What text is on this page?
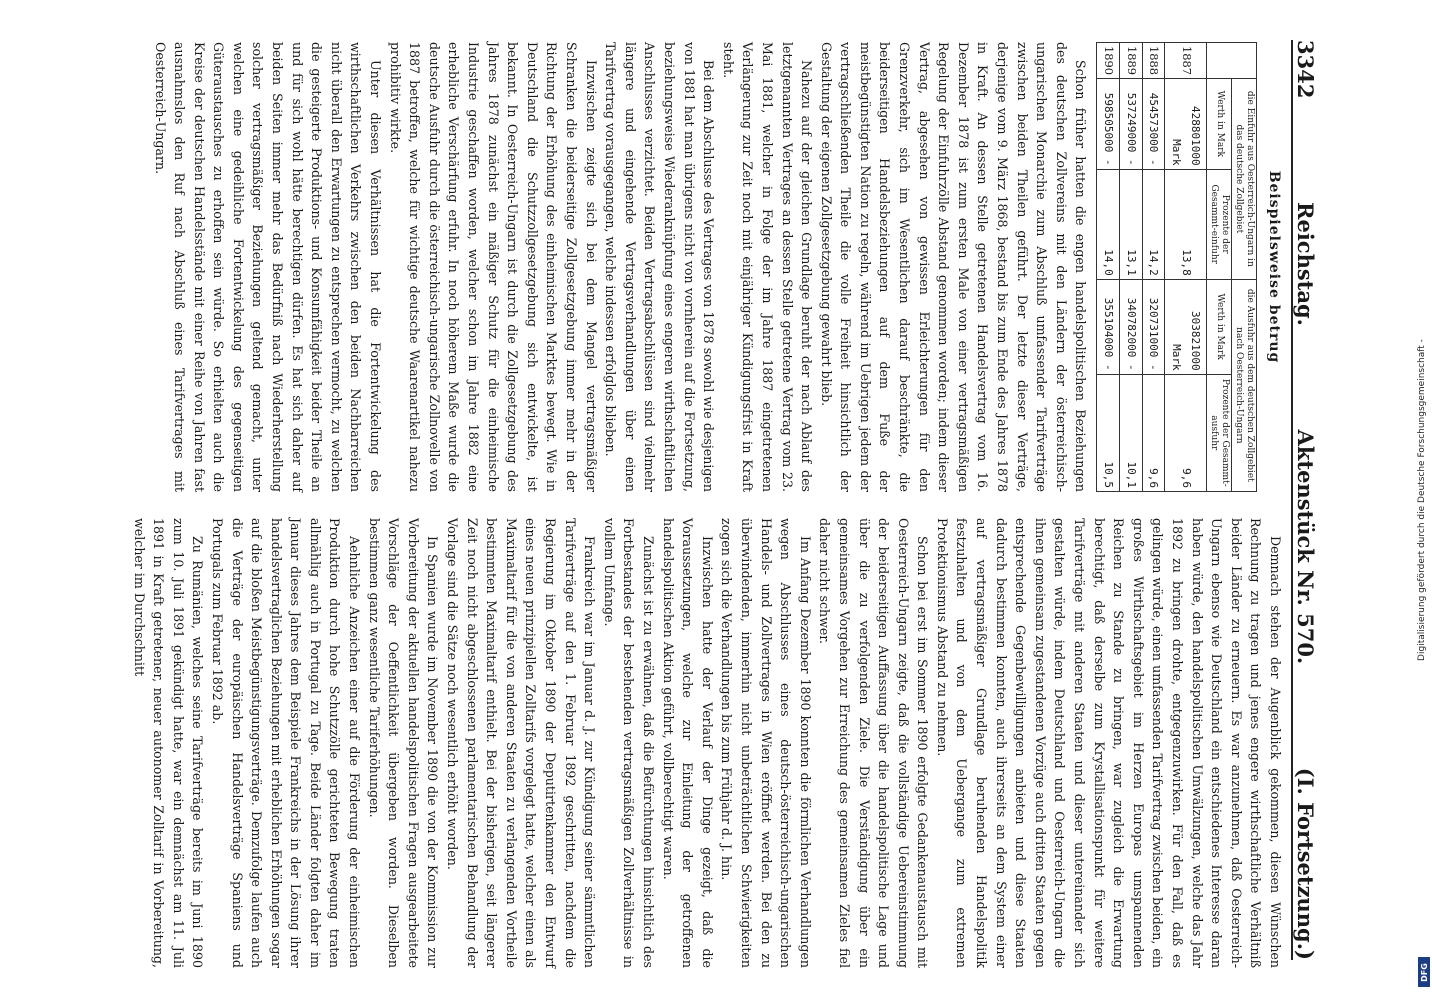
3342
Reichstag.
Aktenstück Nr. 570.
(I. Fortsetzung.)
Beispielsweise betrug
	die Einfuhr aus Oesterreich-Ungarn in das deutsche Zollgebiet		die Ausfuhr aus dem deutschen Zollgebiet nach Oesterreich-Ungarn	
	Werth in Mark	Prozente der Gesammt-einfuhr	Werth in Mark	Prozente der Gesammt-ausfuhr
1887	428801000 Mark	13,8	303821000 Mark	9,6
1888	454573000 -	14,2	320731000 -	9,6
1889	537249000 -	13,1	340782000 -	10,1
1890	598505000 -	14,0	355104000 -	10,5

Schon früher hatten die engen handelspolitischen Beziehungen des deutschen Zollvereins mit den Ländern der österreichisch-ungarischen Monarchie zum Abschluß umfassender Tarifverträge zwischen beiden Theilen geführt. Der letzte dieser Verträge, derjenige vom 9. März 1868, bestand bis zum Ende des Jahres 1878 in Kraft. An dessen Stelle getretenen Handelsvertrag vom 16. Dezember 1878 ist zum ersten Male von einer vertragsmäßigen Regelung der Einfuhrzölle Abstand genommen worden; indem dieser Vertrag, abgesehen von gewissen Erleichterungen für den Grenzverkehr, sich im Wesentlichen darauf beschränkte, die beiderseitigen Handelsbeziehungen auf dem Fuße der meistbegünstigten Nation zu regeln, während im Uebrigen jedem der vertragschließenden Theile die volle Freiheit hinsichtlich der Gestaltung der eigenen Zollgesetzgebung gewahrt blieb.

Nahezu auf der gleichen Grundlage beruht der nach Ablauf des letztgenannten Vertrages an dessen Stelle getretene Vertrag vom 23. Mai 1881, welcher in Folge der im Jahre 1887 eingetretenen Verlängerung zur Zeit noch mit einjähriger Kündigungsfrist in Kraft steht.

Bei dem Abschlusse des Vertrages von 1878 sowohl wie desjenigen von 1881 hat man übrigens nicht von vornherein auf die Fortsetzung, beziehungsweise Wiederanknüpfung eines engeren wirthschaftlichen Anschlusses verzichtet. Beiden Vertragsabschlüssen sind vielmehr längere und eingehende Vertragsverhandlungen über einen Tarifvertrag vorausgegangen, welche indessen erfolglos blieben.

Inzwischen zeigte sich bei dem Mangel vertragsmäßiger Schranken die beiderseitige Zollgesetzgebung immer mehr in der Richtung der Erhöhung des einheimischen Marktes bewegt. Wie in Deutschland die Schutzzollgesetzgebung sich entwickelte, ist bekannt. In Oesterreich-Ungarn ist durch die Zollgesetzgebung des Jahres 1878 zunächst ein mäßiger Schutz für die einheimische Industrie geschaffen worden, welcher schon im Jahre 1882 eine erhebliche Verschärfung erfuhr. In noch höherem Maße wurde die deutsche Ausfuhr durch die österreichisch-ungarische Zollnovelle von 1887 betroffen, welche für wichtige deutsche Waarenartikel nahezu prohibitiv wirkte.

Unter diesen Verhältnissen hat die Fortentwickelung des wirthschaftlichen Verkehrs zwischen den beiden Nachbarreichen nicht überall den Erwartungen zu entsprechen vermocht, zu welchen die gesteigerte Produktions- und Konsumfähigkeit beider Theile an und für sich wohl hätte berechtigen dürfen. Es hat sich daher auf beiden Seiten immer mehr das Bedürfniß nach Wiederherstellung solcher vertragsmäßiger Beziehungen geltend gemacht, unter welchen eine gedeihliche Fortentwickelung des gegenseitigen Güteraustausches zu erhoffen sein würde. So erhielten auch die Kreise der deutschen Handelsstände mit einer Reihe von Jahren fast ausnahmslos den Ruf nach Abschluß eines Tarifvertrages mit Oesterreich-Ungarn.

Demnach stehen der Augenblick gekommen, diesen Wünschen Rechnung zu tragen und jenes engere wirthschaftliche Verhältniß beider Länder zu erneuern. Es war anzunehmen, daß Oesterreich-Ungarn ebenso wie Deutschland ein entschiedenes Interesse daran haben würde, den handelspolitischen Umwälzungen, welche das Jahr 1892 zu bringen drohte, entgegenzuwirken. Für den Fall, daß es gelingen würde, einen umfassenden Tarifvertrag zwischen beiden, ein großes Wirthschaftsgebiet im Herzen Europas umspannenden Reichen zu Stande zu bringen, war zugleich die Erwartung berechtigt, daß derselbe zum Krystallisationspunkt für weitere Tarifverträge mit anderen Staaten und dieser untereinander sich gestalten würde, indem Deutschland und Oesterreich-Ungarn die ihnen gemeinsam zugestandenen Vorzüge auch dritten Staaten gegen entsprechende Gegenbewilligungen anbieten und diese Staaten dadurch bestimmen konnten, auch ihrerseits an dem System einer auf vertragsmäßiger Grundlage beruhenden Handelspolitik festzuhalten und von dem Uebergange zum extremen Protektionismus Abstand zu nehmen.

Schon bei erst im Sommer 1890 erfolgte Gedankenaustausch mit Oesterreich-Ungarn zeigte, daß die vollständige Uebereinstimmung der beiderseitigen Auffassung über die handelspolitische Lage und über die zu verfolgenden Ziele. Die Verständigung über ein gemeinsames Vorgehen zur Erreichung des gemeinsamen Zieles fiel daher nicht schwer.

Im Anfang Dezember 1890 konnten die förmlichen Verhandlungen wegen Abschlusses eines deutsch-österreichisch-ungarischen Handels- und Zollvertrages in Wien eröffnet werden. Bei den zu überwindenden, immerhin nicht unbeträchtlichen Schwierigkeiten zogen sich die Verhandlungen bis zum Frühjahr d. J. hin.

Inzwischen hatte der Verlauf der Dinge gezeigt, daß die Voraussetzungen, welche zur Einleitung der getroffenen handelspolitischen Aktion geführt, vollberechtigt waren.

Zunächst ist zu erwähnen, daß die Befürchtungen hinsichtlich des Fortbestandes der bestehenden vertragsmäßigen Zollverhältnisse in vollem Umfange.

Frankreich war im Januar d. J. zur Kündigung seiner sämmtlichen Tarifverträge auf den 1. Februar 1892 geschritten, nachdem die Regierung im Oktober 1890 der Deputirtenkammer den Entwurf eines neuen prinzipiellen Zolltarifs vorgelegt hatte, welcher einen als Maximaltarif für die von anderen Staaten zu verlangenden Vortheile bestimmten Maximaltarif enthielt. Bei der bisherigen, seit längerer Zeit noch nicht abgeschlossenen parlamentarischen Behandlung der Vorlage sind die Sätze noch wesentlich erhöht worden.

In Spanien wurde im November 1890 die von der Kommission zur Vorbereitung der aktuellen handelspolitischen Fragen ausgearbeitete Vorschläge der Oeffentlichkeit übergeben worden. Dieselben bestimmen ganz wesentliche Tariferhöhungen.

Aehnliche Anzeichen einer auf die Förderung der einheimischen Produktion durch hohe Schutzzölle gerichteten Bewegung traten allmählig auch in Portugal zu Tage. Beide Länder folgten daher im Januar dieses Jahres dem Beispiele Frankreichs in der Lösung ihrer handelsvertraglichen Beziehungen mit erheblichen Erhöhungen sogar auf die bloßen Meistbegünstigungsverträge. Demzufolge laufen auch die Verträge der europäischen Handelsverträge Spaniens und Portugals zum Februar 1892 ab.

Zu Rumänien, welches seine Tarifverträge bereits im Juni 1890 zum 10. Juli 1891 gekündigt hatte, war ein demnächst am 11. Juli 1891 in Kraft getretener, neuer autonomer Zolltarif in Vorbereitung, welcher im Durchschnitt	Digitalisierung gefördert durch die Deutsche Forschungsgemeinschaft -
DFG
